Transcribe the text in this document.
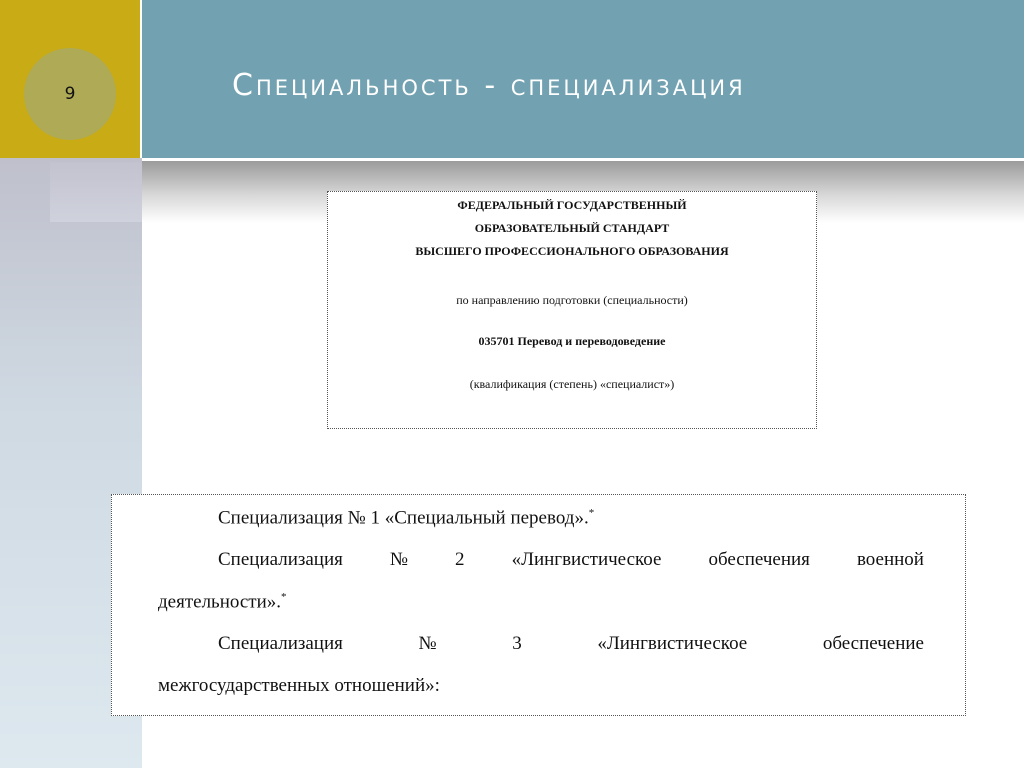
9	Специальность - специализация
ФЕДЕРАЛЬНЫЙ ГОСУДАРСТВЕННЫЙ
ОБРАЗОВАТЕЛЬНЫЙ СТАНДАРТ
ВЫСШЕГО ПРОФЕССИОНАЛЬНОГО ОБРАЗОВАНИЯ
по направлению подготовки (специальности)
035701 Перевод и переводоведение
(квалификация (степень) «специалист»)
Специализация № 1 «Специальный перевод».*
Специализация № 2 «Лингвистическое обеспечения военной
деятельности».*
Специализация	№	3	«Лингвистическое	обеспечение
межгосударственных отношений»:
